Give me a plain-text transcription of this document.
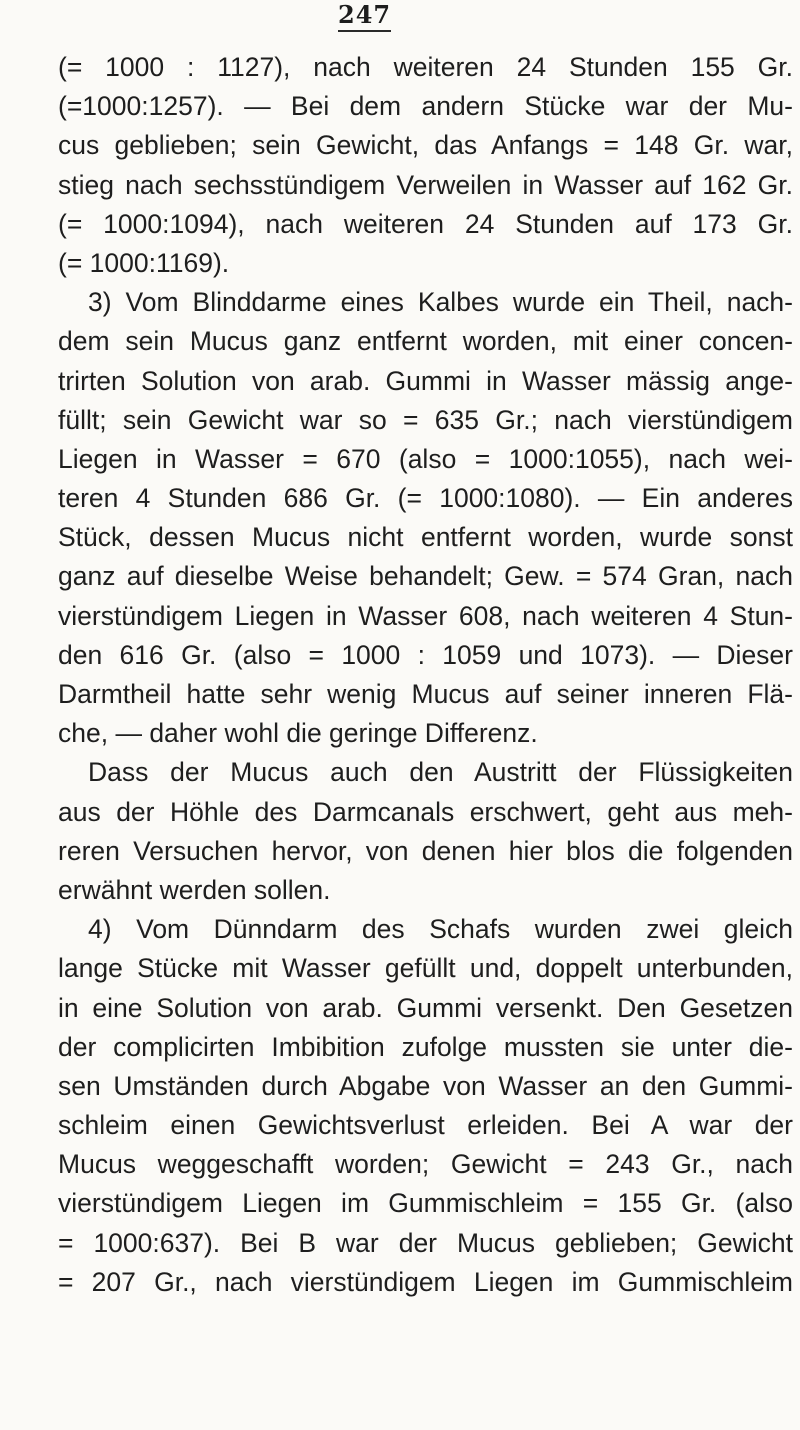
247
(= 1000 : 1127), nach weiteren 24 Stunden 155 Gr.
(=1000:1257). — Bei dem andern Stücke war der Mu-
cus geblieben; sein Gewicht, das Anfangs = 148 Gr. war,
stieg nach sechsstündigem Verweilen in Wasser auf 162 Gr.
(= 1000:1094), nach weiteren 24 Stunden auf 173 Gr.
(= 1000:1169).
3) Vom Blinddarme eines Kalbes wurde ein Theil, nach-
dem sein Mucus ganz entfernt worden, mit einer concen-
trirten Solution von arab. Gummi in Wasser mässig ange-
füllt; sein Gewicht war so = 635 Gr.; nach vierstündigem
Liegen in Wasser = 670 (also = 1000:1055), nach wei-
teren 4 Stunden 686 Gr. (= 1000:1080). — Ein anderes
Stück, dessen Mucus nicht entfernt worden, wurde sonst
ganz auf dieselbe Weise behandelt; Gew. = 574 Gran, nach
vierstündigem Liegen in Wasser 608, nach weiteren 4 Stun-
den 616 Gr. (also = 1000 : 1059 und 1073). — Dieser
Darmtheil hatte sehr wenig Mucus auf seiner inneren Flä-
che, — daher wohl die geringe Differenz.
Dass der Mucus auch den Austritt der Flüssigkeiten
aus der Höhle des Darmcanals erschwert, geht aus meh-
reren Versuchen hervor, von denen hier blos die folgenden
erwähnt werden sollen.
4) Vom Dünndarm des Schafs wurden zwei gleich
lange Stücke mit Wasser gefüllt und, doppelt unterbunden,
in eine Solution von arab. Gummi versenkt. Den Gesetzen
der complicirten Imbibition zufolge mussten sie unter die-
sen Umständen durch Abgabe von Wasser an den Gummi-
schleim einen Gewichtsverlust erleiden. Bei A war der
Mucus weggeschafft worden; Gewicht = 243 Gr., nach
vierstündigem Liegen im Gummischleim = 155 Gr. (also
= 1000:637). Bei B war der Mucus geblieben; Gewicht
= 207 Gr., nach vierstündigem Liegen im Gummischleim
